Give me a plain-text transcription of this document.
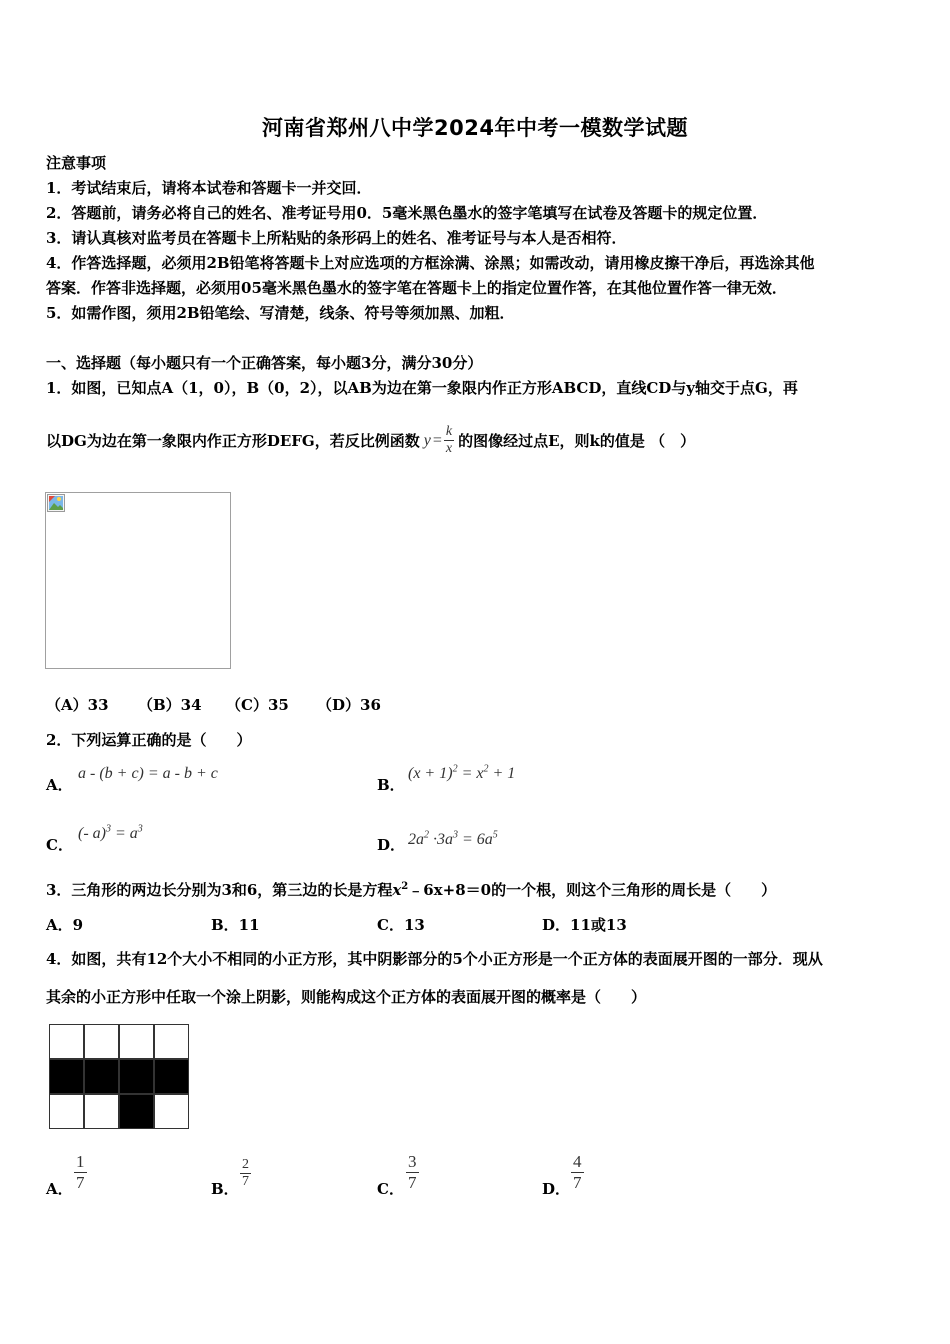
河南省郑州八中学2024年中考一模数学试题
注意事项
1．考试结束后，请将本试卷和答题卡一并交回．
2．答题前，请务必将自己的姓名、准考证号用0．5毫米黑色墨水的签字笔填写在试卷及答题卡的规定位置．
3．请认真核对监考员在答题卡上所粘贴的条形码上的姓名、准考证号与本人是否相符．
4．作答选择题，必须用2B铅笔将答题卡上对应选项的方框涂满、涂黑；如需改动，请用橡皮擦干净后，再选涂其他
答案．作答非选择题，必须用05毫米黑色墨水的签字笔在答题卡上的指定位置作答，在其他位置作答一律无效．
5．如需作图，须用2B铅笔绘、写清楚，线条、符号等须加黑、加粗．
一、选择题（每小题只有一个正确答案，每小题3分，满分30分）
1．如图，已知点A（1，0），B（0，2），以AB为边在第一象限内作正方形ABCD，直线CD与y轴交于点G，再
以DG为边在第一象限内作正方形DEFG，若反比例函数 $y = \frac{k}{x}$ 的图像经过点E，则k的值是 （　）
（A）33 （B）34 （C）35 （D）36
2．下列运算正确的是（　　）
A．
a - (b + c) = a - b + c
B．
$(x + 1)^2 = x^2 + 1$
C．
(- $a)^3 = a^3$
D． $2a^2 \cdot 3a^3 = 6a^5$
3．三角形的两边长分别为3和6，第三边的长是方程$x^2﹣6x+8=0$的一个根，则这个三角形的周长是（　　）
A．9	B．11	C．13	D．11或13
4．如图，共有12个大小不相同的小正方形，其中阴影部分的5个小正方形是一个正方体的表面展开图的一部分．现从
其余的小正方形中任取一个涂上阴影，则能构成这个正方体的表面展开图的概率是（　　）
A． $\frac{1}{7}$	B． $\frac{2}{7}$	C． $\frac{3}{7}$	D． $\frac{4}{7}$
